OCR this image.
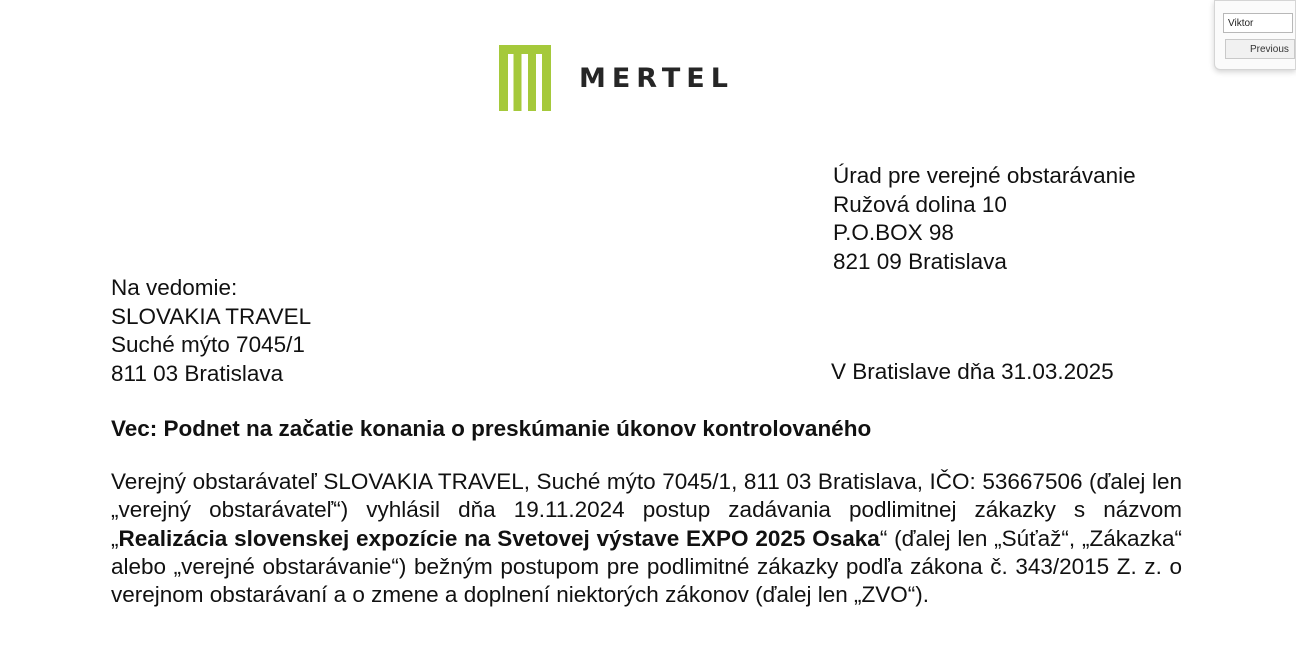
MERTEL
Úrad pre verejné obstarávanie
Ružová dolina 10
P.O.BOX 98
821 09 Bratislava
Na vedomie:
SLOVAKIA TRAVEL
Suché mýto 7045/1
811 03 Bratislava	V Bratislave dňa 31.03.2025
Vec: Podnet na začatie konania o preskúmanie úkonov kontrolovaného
Verejný obstarávateľ SLOVAKIA TRAVEL, Suché mýto 7045/1, 811 03 Bratislava, IČO: 53667506 (ďalej len „verejný obstarávateľ“) vyhlásil dňa 19.11.2024 postup zadávania podlimitnej zákazky s názvom „Realizácia slovenskej expozície na Svetovej výstave EXPO 2025 Osaka“ (ďalej len „Súťaž“, „Zákazka“ alebo „verejné obstarávanie“) bežným postupom pre podlimitné zákazky podľa zákona č. 343/2015 Z. z. o verejnom obstarávaní a o zmene a doplnení niektorých zákonov (ďalej len „ZVO“).
Viktor
Previous
